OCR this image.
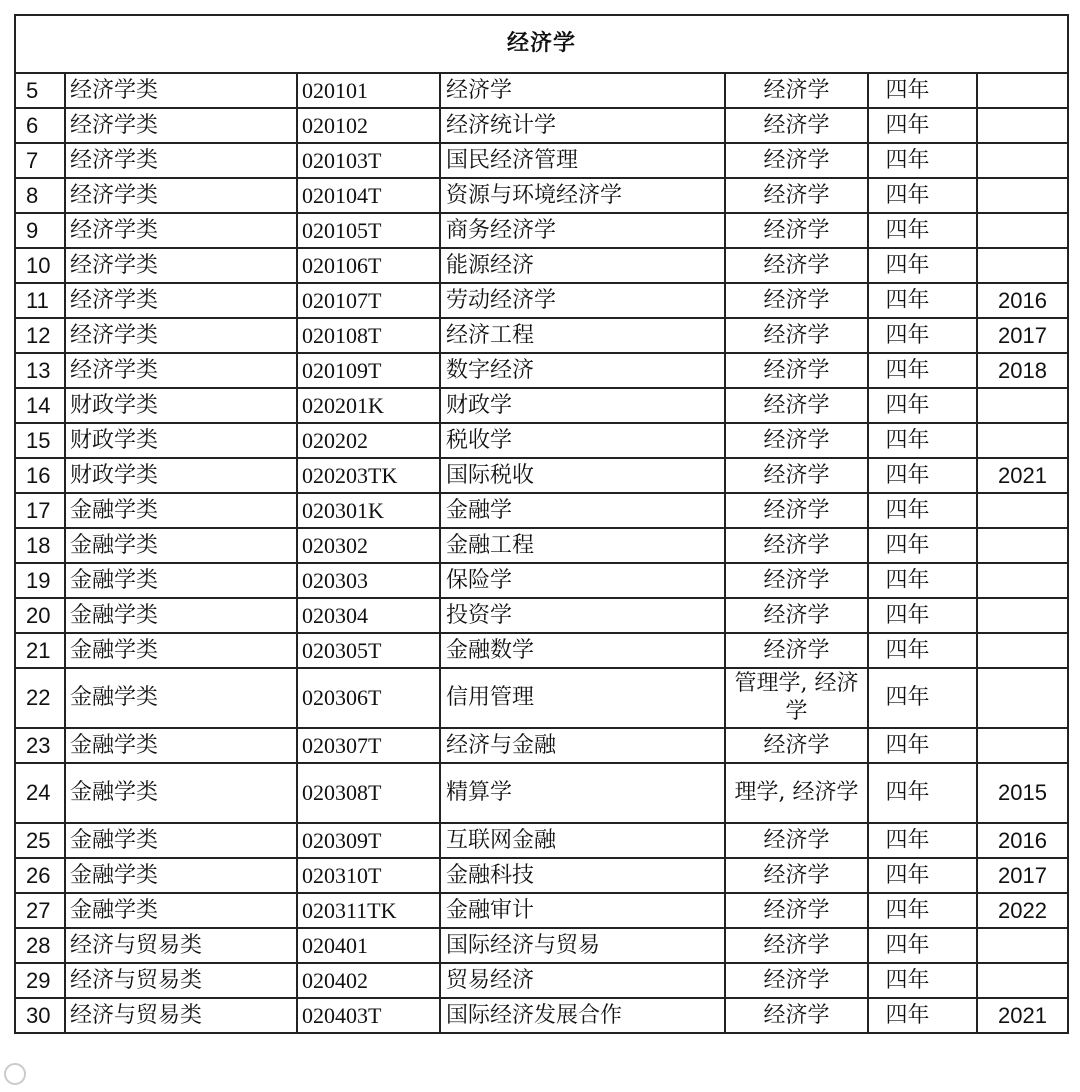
经济学						
5	经济学类	020101	经济学	经济学	四年	
6	经济学类	020102	经济统计学	经济学	四年	
7	经济学类	020103T	国民经济管理	经济学	四年	
8	经济学类	020104T	资源与环境经济学	经济学	四年	
9	经济学类	020105T	商务经济学	经济学	四年	
10	经济学类	020106T	能源经济	经济学	四年	
11	经济学类	020107T	劳动经济学	经济学	四年	2016
12	经济学类	020108T	经济工程	经济学	四年	2017
13	经济学类	020109T	数字经济	经济学	四年	2018
14	财政学类	020201K	财政学	经济学	四年	
15	财政学类	020202	税收学	经济学	四年	
16	财政学类	020203TK	国际税收	经济学	四年	2021
17	金融学类	020301K	金融学	经济学	四年	
18	金融学类	020302	金融工程	经济学	四年	
19	金融学类	020303	保险学	经济学	四年	
20	金融学类	020304	投资学	经济学	四年	
21	金融学类	020305T	金融数学	经济学	四年	
22	金融学类	020306T	信用管理	管理学, 经济学	四年	
23	金融学类	020307T	经济与金融	经济学	四年	
24	金融学类	020308T	精算学	理学, 经济学	四年	2015
25	金融学类	020309T	互联网金融	经济学	四年	2016
26	金融学类	020310T	金融科技	经济学	四年	2017
27	金融学类	020311TK	金融审计	经济学	四年	2022
28	经济与贸易类	020401	国际经济与贸易	经济学	四年	
29	经济与贸易类	020402	贸易经济	经济学	四年	
30	经济与贸易类	020403T	国际经济发展合作	经济学	四年	2021
